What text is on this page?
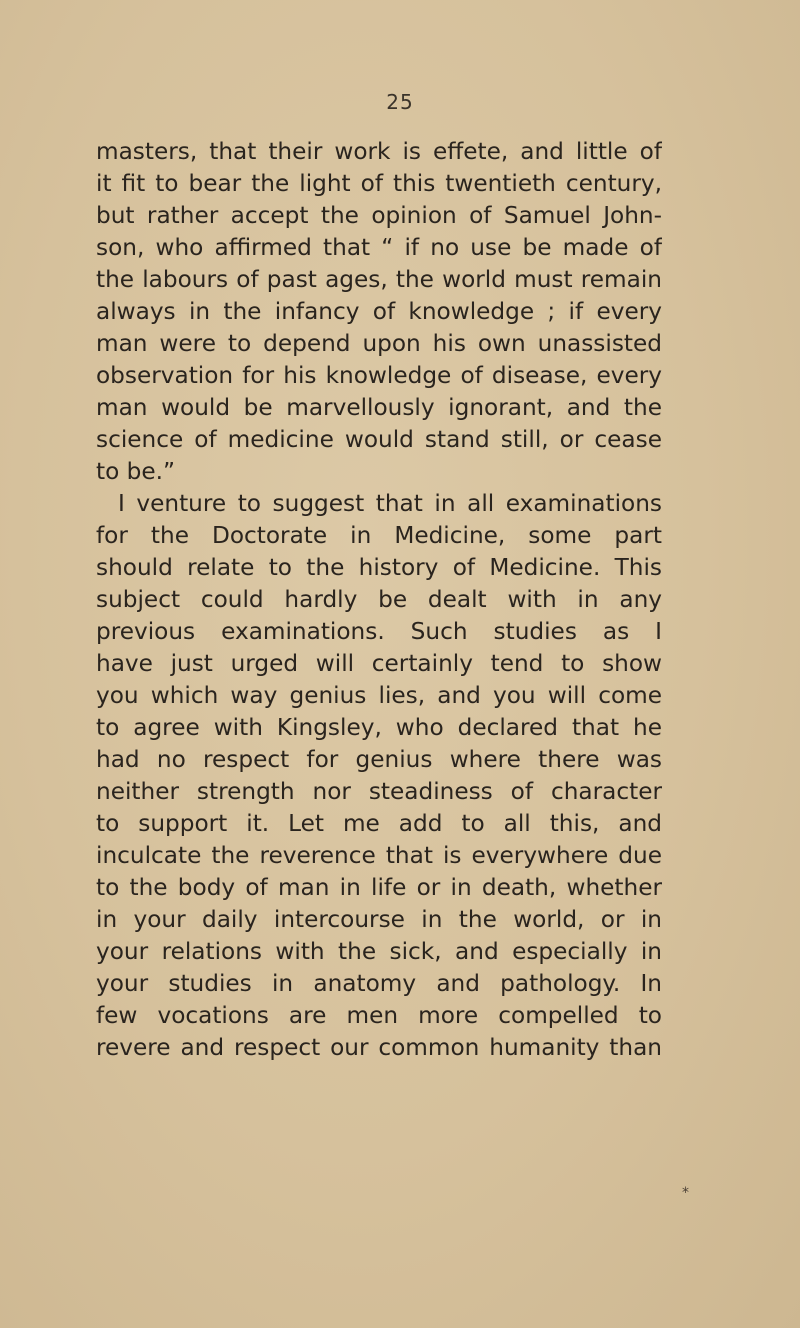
25
masters, that their work is effete, and little of
it fit to bear the light of this twentieth century,
but rather accept the opinion of Samuel John-
son, who affirmed that “ if no use be made of
the labours of past ages, the world must remain
always in the infancy of knowledge ; if every
man were to depend upon his own unassisted
observation for his knowledge of disease, every
man would be marvellously ignorant, and the
science of medicine would stand still, or cease
to be.”
I venture to suggest that in all examinations
for the Doctorate in Medicine, some part
should relate to the history of Medicine. This
subject could hardly be dealt with in any
previous examinations. Such studies as I
have just urged will certainly tend to show
you which way genius lies, and you will come
to agree with Kingsley, who declared that he
had no respect for genius where there was
neither strength nor steadiness of character
to support it. Let me add to all this, and
inculcate the reverence that is everywhere due
to the body of man in life or in death, whether
in your daily intercourse in the world, or in
your relations with the sick, and especially in
your studies in anatomy and pathology. In
few vocations are men more compelled to
revere and respect our common humanity than
*
